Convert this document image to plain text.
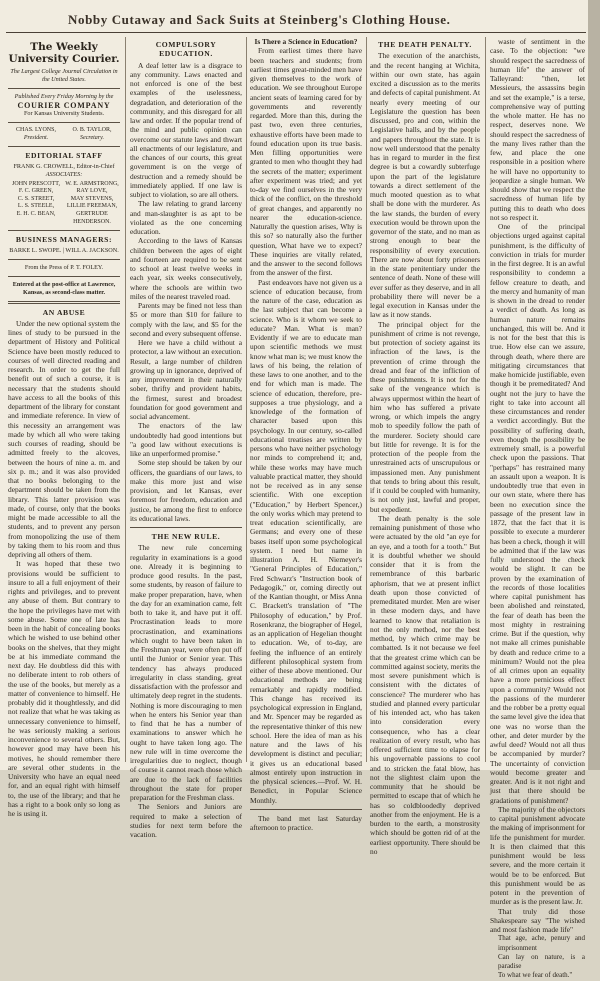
Nobby Cutaway and Sack Suits at Steinberg's Clothing House.
The Weekly University Courier.

The Largest College Journal Circulation in the United States.

Published Every Friday Morning by the

COURIER COMPANY

For Kansas University Students.

CHAS. LYONS,
President.
O. B. TAYLOR,
Secretary.
EDITORIAL STAFF

FRANK G. CROWELL, Editor-in-Chief

ASSOCIATES:

JOHN PRESCOTT,
F. C. GREEN,
C. S. STREET,
L. S. STEELE,
E. H. C. BEAN,
W. E. ARMSTRONG,
RAY LOVE,
MAY STEVENS,
LILLIE FREEMAN,
GERTRUDE HENDERSON.
BUSINESS MANAGERS:

BARKE L. SWOPE. | WILL A. JACKSON.

From the Press of P. T. FOLEY.

Entered at the post-office at Lawrence, Kansas, as second-class matter.

AN ABUSE

Under the new optional system the lines of study to be pursued in the department of History and Political Science have been mostly reduced to courses of well directed reading and research. In order to get the full benefit out of such a course, it is necessary that the students should have access to all the books of this department of the library for constant and immediate reference. In view of this necessity an arrangement was made by which all who were taking such courses of reading, should be admitted freely to the alcoves, between the hours of nine a. m. and six p. m.; and it was also provided that no books belonging to the department should be taken from the library. This latter provision was made, of course, only that the books might be made accessible to all the students, and to prevent any person from monopolizing the use of them by taking them to his room and thus depriving all others of them.

It was hoped that these two provisions would be sufficient to insure to all a full enjoyment of their rights and privileges, and to prevent any abuse of them. But contrary to the hope the privileges have met with some abuse. Some one of late has been in the habit of concealing books which he wished to use behind other books on the shelves, that they might be at his immediate command the next day. He doubtless did this with no deliberate intent to rob others of the use of the books, but merely as a matter of convenience to himself. He probably did it thoughtlessly, and did not realize that what he was taking as unnecessary convenience to himself, he was seriously making a serious inconvenience to several others. But, however good may have been his motives, he should remember there are several other students in the University who have an equal need for, and an equal right with himself to, the use of the library; and that he has a right to a book only so long as he is using it.

COMPULSORY EDUCATION.

A deaf letter law is a disgrace to any community. Laws enacted and not enforced is one of the best examples of the uselessness, degradation, and deterioration of the community, and this disregard for all law and order. If the popular trend of the mind and public opinion can overcome our statute laws and thwart all enactments of our legislature, and the chances of our courts, this great government is on the verge of destruction and a remedy should be immediately applied. If one law is subject to violation, so are all others.

The law relating to grand larceny and man-slaughter is as apt to be violated as the one concerning education.

According to the laws of Kansas children between the ages of eight and fourteen are required to be sent to school at least twelve weeks in each year, six weeks consecutively, where the schools are within two miles of the nearest traveled road.

Parents may be fined not less than $5 or more than $10 for failure to comply with the law, and $5 for the second and every subsequent offense.

Here we have a child without a protector, a law without an execution. Result, a large number of children growing up in ignorance, deprived of any improvement in their naturally sober, thrifty and provident habits, the firmest, surest and broadest foundation for good government and social advancement.

The enactors of the law undoubtedly had good intentions but "a good law without executions is like an unperformed promise."

Some step should be taken by our officers, the guardians of our laws, to make this more just and wise provision, and let Kansas, ever foremost for freedom, education and justice, be among the first to enforce its educational laws.

THE NEW RULE.

The new rule concerning regularity in examinations is a good one. Already it is beginning to produce good results. In the past, some students, by reason of failure to make proper preparation, have, when the day for an examination came, felt both to take it, and have put it off. Procrastination leads to more procrastination, and examinations which ought to have been taken in the Freshman year, were often put off until the Junior or Senior year. This tendency has always produced irregularity in class standing, great dissatisfaction with the professor and ultimately deep regret in the students. Nothing is more discouraging to men when he enters his Senior year than to find that he has a number of examinations to answer which he ought to have taken long ago. The new rule will in time overcome the irregularities due to neglect, though of course it cannot reach those which are due to the lack of facilities throughout the state for proper preparation for the Freshman class.

The Seniors and Juniors are required to make a selection of studies for next term before the vacation.

Is There a Science in Education?

From earliest times there have been teachers and students; from earliest times great-minded men have given themselves to the work of education. We see throughout Europe ancient seats of learning cared for by governments and reverently regarded. More than this, during the past two, even three centuries, exhaustive efforts have been made to found education upon its true basis. Men filling opportunities were granted to men who thought they had the secrets of the matter; experiment after experiment was tried; and yet to-day we find ourselves in the very thick of the conflict, on the threshold of great changes, and apparently no nearer the education-science. Naturally the question arises, Why is this so? so naturally also the further question, What have we to expect? These inquiries are vitally related, and the answer to the second follows from the answer of the first.

Past endeavors have not given us a science of education because, from the nature of the case, education as the last subject that can become a science. Who is it whom we seek to educate? Man. What is man? Evidently if we are to educate man upon scientific methods we must know what man is; we must know the laws of his being, the relation of these laws to one another, and to the end for which man is made. The science of education, therefore, pre-supposes a true physiology, and a knowledge of the formation of character based upon this psychology. In our century, so-called educational treatises are written by persons who have neither psychology nor minds to comprehend it; and, while these works may have much valuable practical matter, they should not be received as in any sense scientific. With one exception ("Education," by Herbert Spencer,) the only works which may pretend to treat education scientifically, are Germans; and every one of these bases itself upon some psychological system. I need but name in illustration A. H. Niemeyer's "General Principles of Education," Fred Schwarz's "Instruction book of Pedagogik," or, coming directly out of the Kantian thought, or Miss Anna C. Brackett's translation of "The Philosophy of education," by Prof. Rosenkranz, the biographer of Hegel, as an application of Hegelian thought to education. We, of to-day, are feeling the influence of an entirely different philosophical system from either of these above mentioned. Our educational methods are being remarkably and rapidly modified. This change has received its psychological expression in England, and Mr. Spencer may be regarded as the representative thinker of this new school. Here the idea of man as his nature and the laws of his development is distinct and peculiar; it gives us an educational based almost entirely upon instruction in the physical sciences.—Prof. W. H. Benedict, in Popular Science Monthly.

The band met last Saturday afternoon to practice.

THE DEATH PENALTY.

The execution of the anarchists, and the recent hanging at Wichita, within our own state, has again excited a discussion as to the merits and defects of capital punishment. At nearly every meeting of our Legislature the question has been discussed, pro and con, within the Legislative halls, and by the people and papers throughout the state. It is now well understood that the penalty has in regard to murder in the first degree is but a cowardly subterfuge upon the part of the legislature towards a direct settlement of the much mooted question as to what shall be done with the murderer. As the law stands, the burden of every execution would be thrown upon the governor of the state, and no man as strong enough to bear the responsibility of every execution. There are now about forty prisoners in the state penitentiary under the sentence of death. None of these will ever suffer as they deserve, and in all probability there will never be a legal execution in Kansas under the law as it now stands.

The principal object for the punishment of crime is not revenge, but protection of society against its infraction of the laws, is the prevention of crime through the dread and fear of the infliction of these punishments. It is not for the sake of the vengeance which is always uppermost within the heart of him who has suffered a private wrong, or which impels the angry mob to speedily follow the path of the murderer. Society should care but little for revenge. It is for the protection of the people from the unrestrained acts of unscrupulous or impassioned men. Any punishment that tends to bring about this result, if it could be coupled with humanity, is not only just, lawful and proper, but expedient.

The death penalty is the sole remaining punishment of those who were actuated by the old "an eye for an eye, and a tooth for a tooth." But it is doubtful whether we should consider that it is from the remembrance of this barbaric aphorism, that we at present inflict death upon those convicted of premeditated murder. Men are wiser in these modern days, and have learned to know that retaliation is not the only method, nor the best method, by which crime may be combatted. Is it not because we feel that the greatest crime which can be committed against society, merits the most severe punishment which is consistent with the dictates of conscience? The murderer who has studied and planned every particular of his intended act, who has taken into consideration every consequence, who has a clear realization of every result, who has offered sufficient time to elapse for his ungovernable passions to cool and to stricken the fatal blow, has not the slightest claim upon the community that he should be permitted to escape that of which he has so coldbloodedly deprived another from the enjoyment. He is a burden to the earth, a monstrosity which should be gotten rid of at the earliest opportunity. There should be no

waste of sentiment in the case. To the objection: "we should respect the sacredness of human life" the answer of Talleyrand: "then, let Messieurs, the assassins begin and set the example," is a terse, comprehensive way of putting the whole matter. He has no respect, deserves none. We should respect the sacredness of the many lives rather than the few, and place the one responsible in a position where he will have no opportunity to jeopardize a single human. We should show that we respect the sacredness of human life by putting this to death who does not so respect it.

One of the principal objections urged against capital punishment, is the difficulty of conviction in trials for murder in the first degree. It is an awful responsibility to condemn a fellow creature to death, and the mercy and humanity of man is shown in the dread to render a verdict of death. As long as human nature remains unchanged, this will be. And it is not for the best that this is true. How else can we assure, through death, where there are mitigating circumstances that make homicide justifiable, even though it be premeditated? And ought not the jury to have the right to take into account all these circumstances and render a verdict accordingly. But the possibility of suffering death, even though the possibility be extremely small, is a powerful check upon the passions. That "perhaps" has restrained many an assault upon a weapon. It is undoubtedly true that even in our own state, where there has been no execution since the passage of the present law in 1872, that the fact that it is possible to execute a murderer has been a check, though it will be admitted that if the law was fully understood the check would be slight. It can be proven by the examination of the records of those localities where capital punishment has been abolished and reinstated, the fear of death has been the most mighty in restraining crime. But if the question, why not make all crimes punishable by death and reduce crime to a minimum? Would not the plea of all crimes upon an equality have a more pernicious effect upon a community? Would not the passions of the murderer and the robber be a pretty equal the same level give the idea that one was no worse than the other, and deter murder by the awful deed? Would not all thus be accompanied by murder? The uncertainty of conviction would become greater and greater. And is it not right and just that there should be gradations of punishment?

The majority of the objectors to capital punishment advocate the making of imprisonment for life the punishment for murder. It is then claimed that this punishment would be less severe, and the more certain it would be to be enforced. But this punishment would be as potent in the prevention of murder as is the present law. Jr.

That truly did those Shakespeare say "The wished and most fashion made life"

That age, ache, penury and imprisonment

Can lay on nature, is a paradise

To what we fear of death."
